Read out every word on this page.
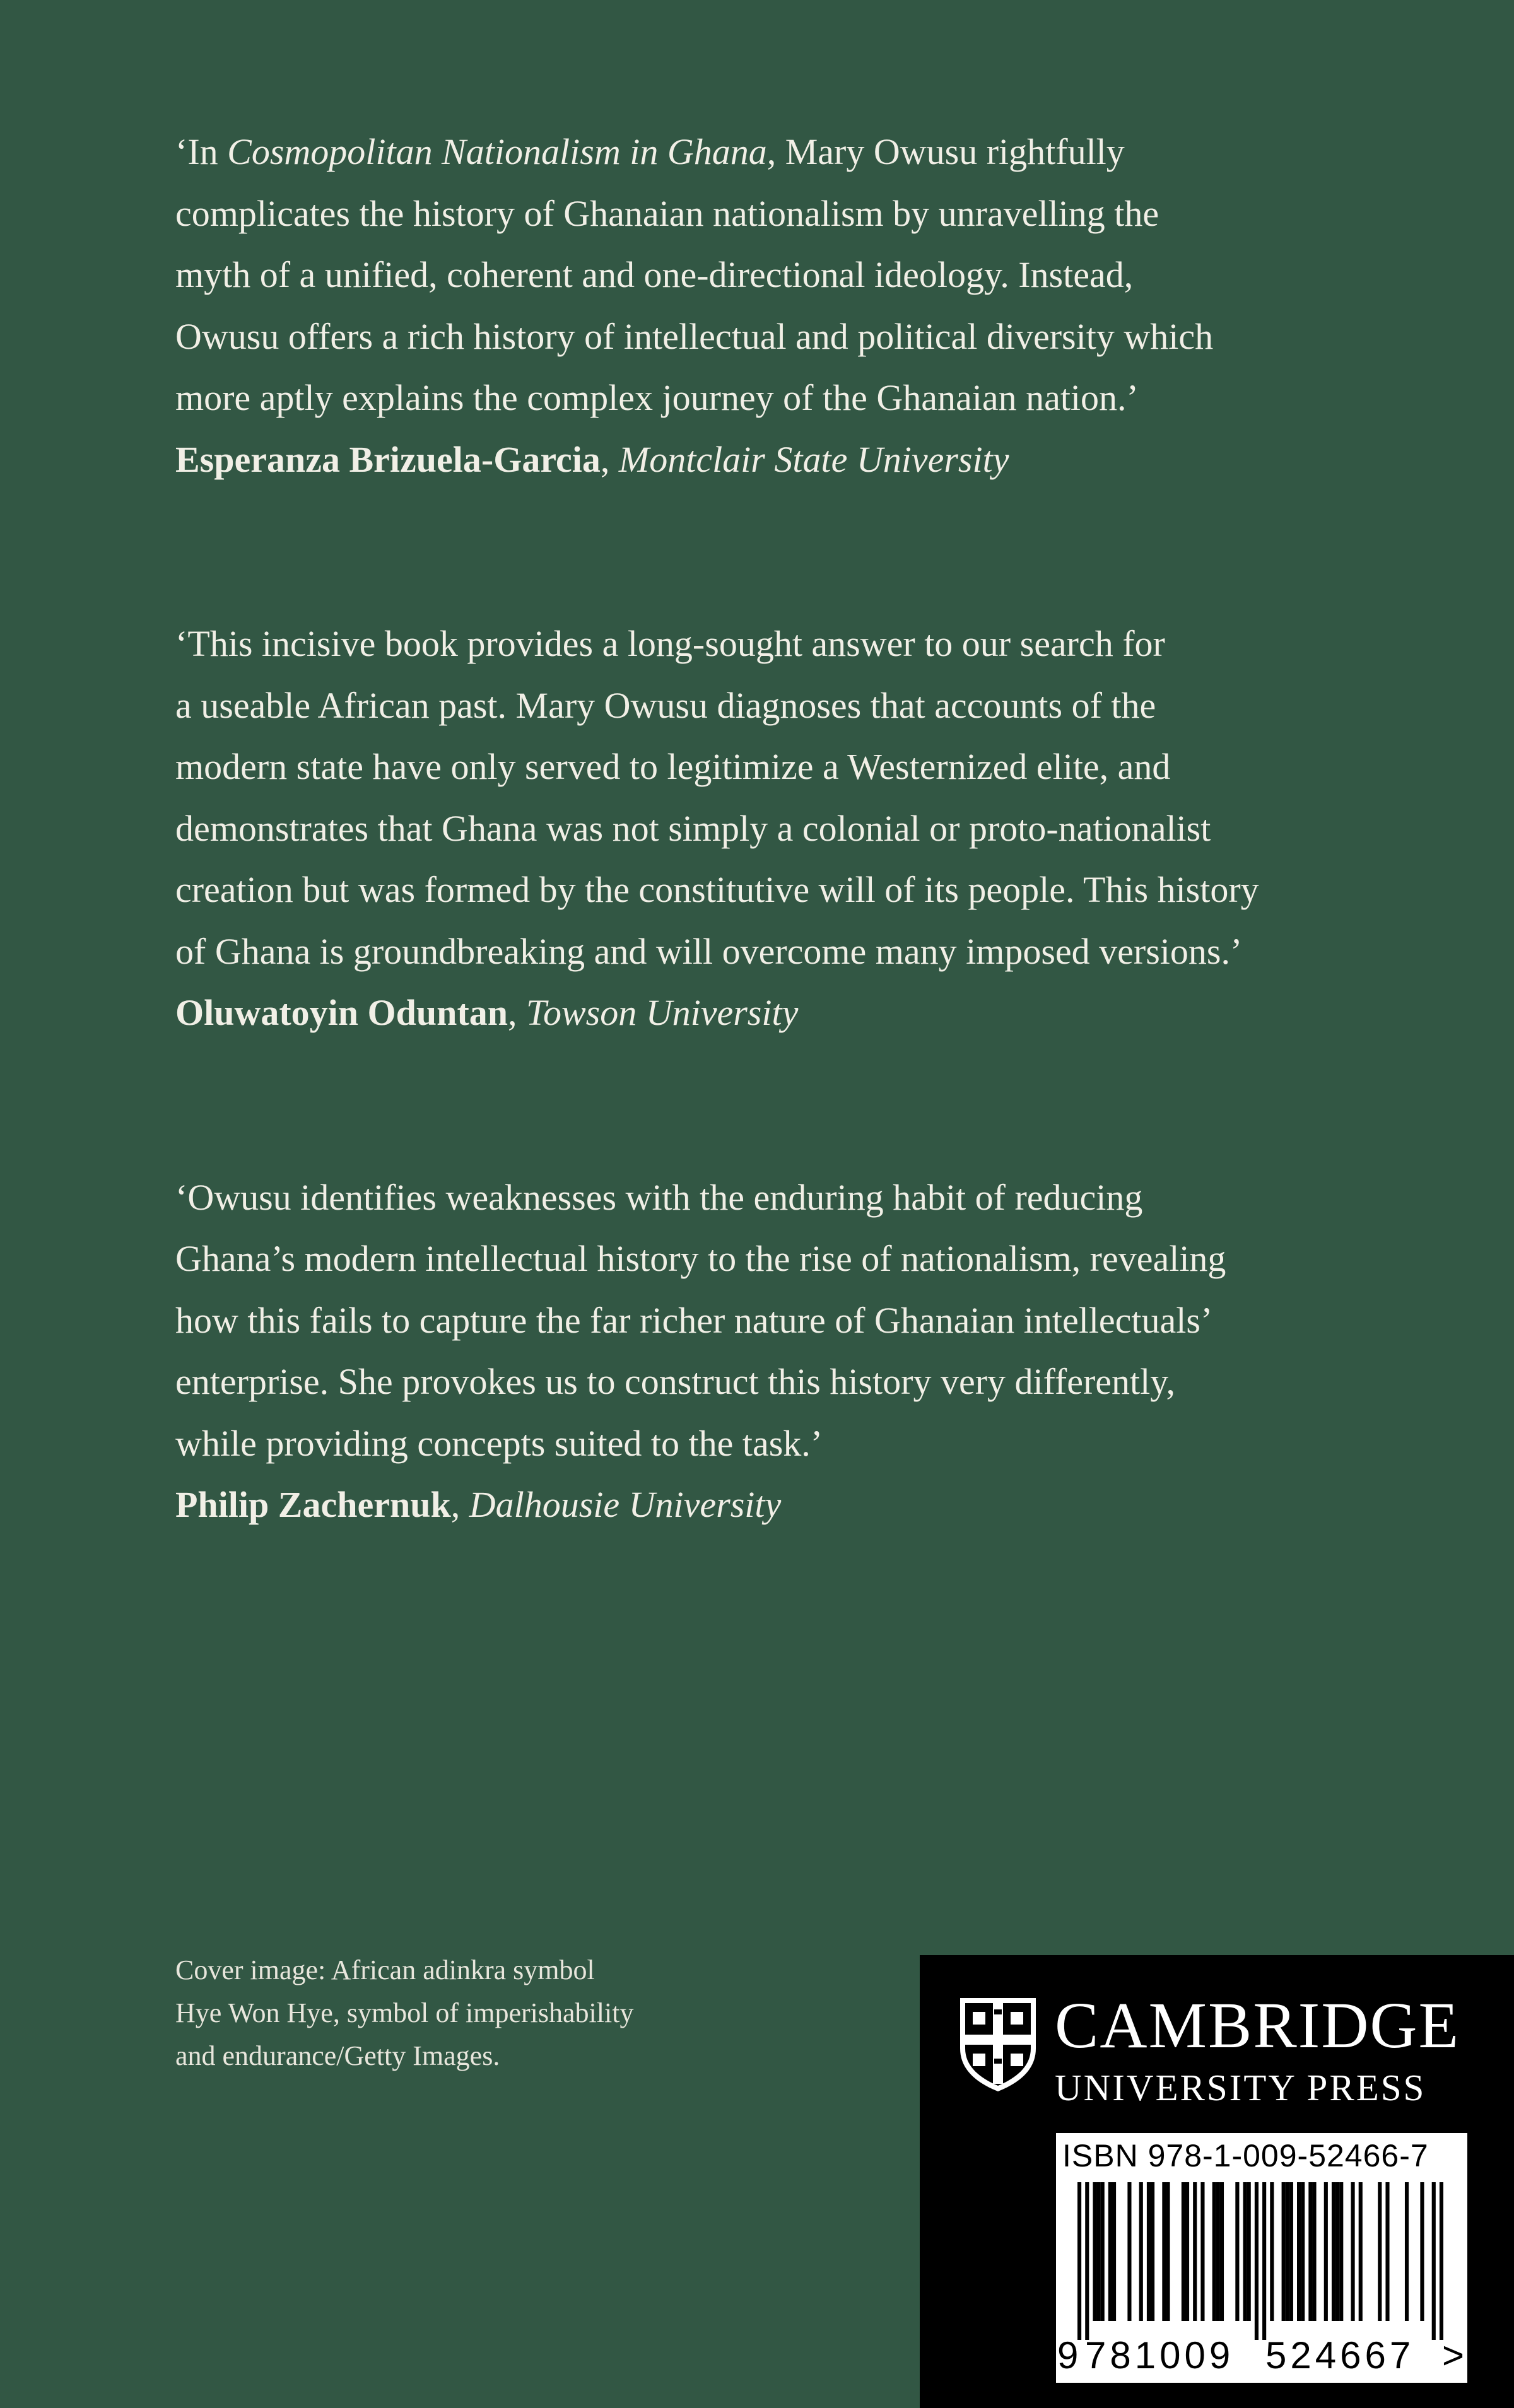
‘In Cosmopolitan Nationalism in Ghana, Mary Owusu rightfully
complicates the history of Ghanaian nationalism by unravelling the
myth of a unified, coherent and one-directional ideology. Instead,
Owusu offers a rich history of intellectual and political diversity which
more aptly explains the complex journey of the Ghanaian nation.’

Esperanza Brizuela-Garcia, Montclair State University

‘This incisive book provides a long-sought answer to our search for
a useable African past. Mary Owusu diagnoses that accounts of the
modern state have only served to legitimize a Westernized elite, and
demonstrates that Ghana was not simply a colonial or proto-nationalist
creation but was formed by the constitutive will of its people. This history
of Ghana is groundbreaking and will overcome many imposed versions.’

Oluwatoyin Oduntan, Towson University

‘Owusu identifies weaknesses with the enduring habit of reducing
Ghana’s modern intellectual history to the rise of nationalism, revealing
how this fails to capture the far richer nature of Ghanaian intellectuals’
enterprise. She provokes us to construct this history very differently,
while providing concepts suited to the task.’

Philip Zachernuk, Dalhousie University

Cover image: African adinkra symbol
Hye Won Hye, symbol of imperishability
and endurance/Getty Images.	CAMBRIDGE
UNIVERSITY PRESS
ISBN 978-1-009-52466-7
9 781009 524667 >
